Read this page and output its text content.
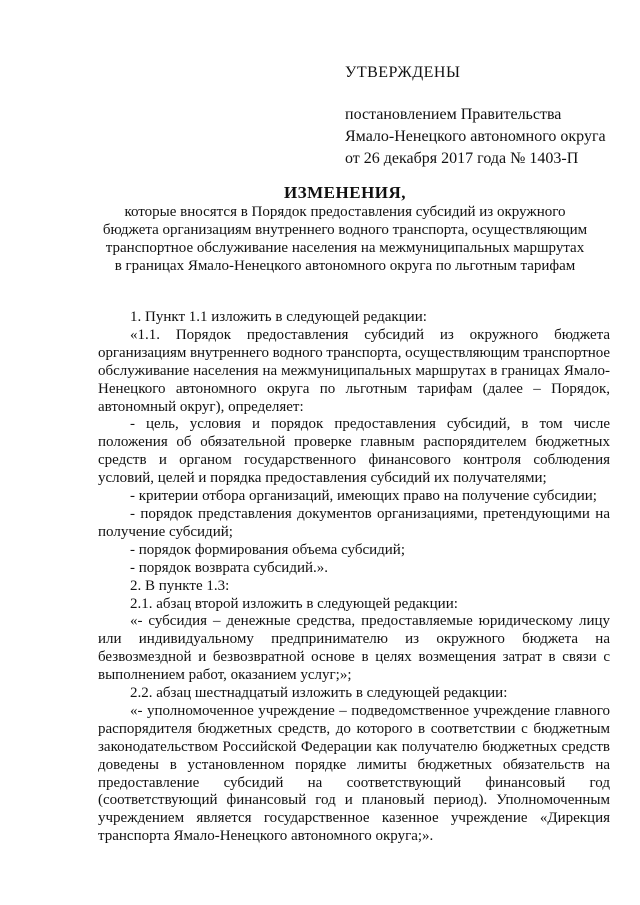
УТВЕРЖДЕНЫ
постановлением Правительства
Ямало-Ненецкого автономного округа
от 26 декабря 2017 года № 1403-П
ИЗМЕНЕНИЯ,
которые вносятся в Порядок предоставления субсидий из окружного
бюджета организациям внутреннего водного транспорта, осуществляющим
транспортное обслуживание населения на межмуниципальных маршрутах
в границах Ямало-Ненецкого автономного округа по льготным тарифам
1. Пункт 1.1 изложить в следующей редакции:
«1.1. Порядок предоставления субсидий из окружного бюджета
организациям внутреннего водного транспорта, осуществляющим транспортное
обслуживание населения на межмуниципальных маршрутах в границах Ямало-
Ненецкого автономного округа по льготным тарифам (далее – Порядок,
автономный округ), определяет:
- цель, условия и порядок предоставления субсидий, в том числе
положения об обязательной проверке главным распорядителем бюджетных
средств и органом государственного финансового контроля соблюдения
условий, целей и порядка предоставления субсидий их получателями;
- критерии отбора организаций, имеющих право на получение субсидии;
- порядок представления документов организациями, претендующими на
получение субсидий;
- порядок формирования объема субсидий;
- порядок возврата субсидий.».
2. В пункте 1.3:
2.1. абзац второй изложить в следующей редакции:
«- субсидия – денежные средства, предоставляемые юридическому лицу
или индивидуальному предпринимателю из окружного бюджета на
безвозмездной и безвозвратной основе в целях возмещения затрат в связи с
выполнением работ, оказанием услуг;»;
2.2. абзац шестнадцатый изложить в следующей редакции:
«- уполномоченное учреждение – подведомственное учреждение главного
распорядителя бюджетных средств, до которого в соответствии с бюджетным
законодательством Российской Федерации как получателю бюджетных средств
доведены в установленном порядке лимиты бюджетных обязательств на
предоставление субсидий на соответствующий финансовый год
(соответствующий финансовый год и плановый период). Уполномоченным
учреждением является государственное казенное учреждение «Дирекция
транспорта Ямало-Ненецкого автономного округа;».
